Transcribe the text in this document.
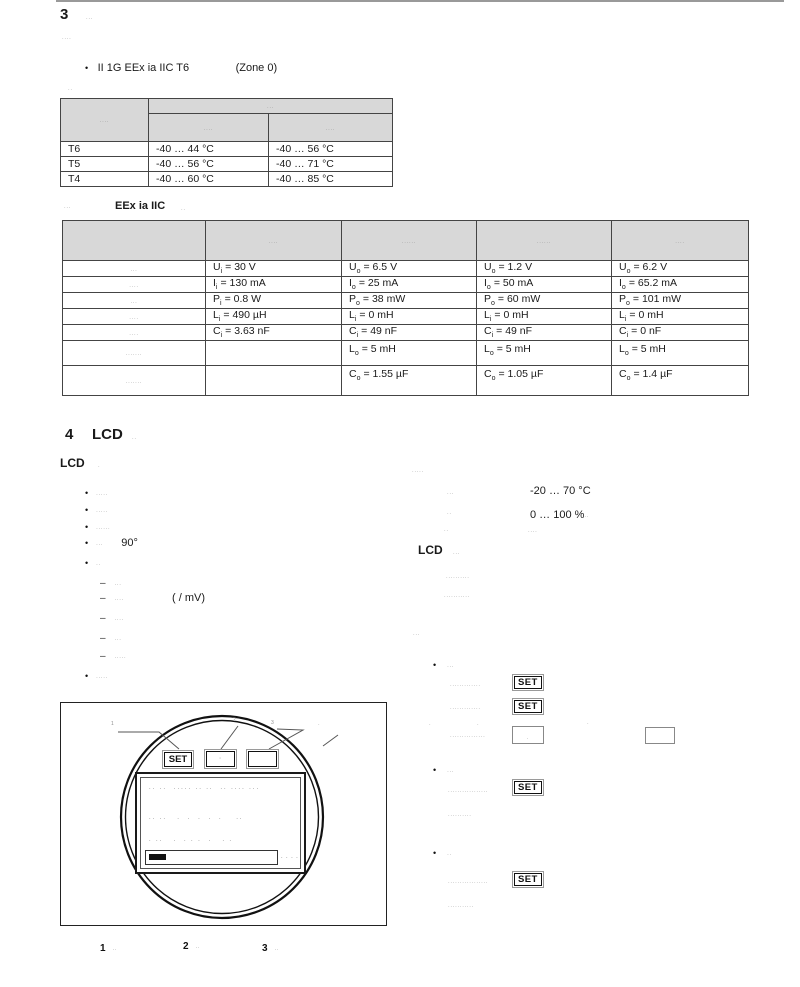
3	···
····
• II 1G EEx ia IIC T6	(Zone 0)
··
····	···	
	····	····
T6	-40 … 44 °C	-40 … 56 °C
T5	-40 … 56 °C	-40 … 71 °C
T4	-40 … 60 °C	-40 … 85 °C
···	EEx ia IIC	··
	····	······	······	····
···	$U_i = 30$ V	$U_o = 6.5$ V	$U_o = 1.2$ V	$U_o = 6.2$ V
····	$I_i = 130$ mA	$I_o = 25$ mA	$I_o = 50$ mA	$I_o = 65.2$ mA
···	$P_i = 0.8$ W	$P_o = 38$ mW	$P_o = 60$ mW	$P_o = 101$ mW
····	$L_i = 490$ µH	$L_i = 0$ mH	$L_i = 0$ mH	$L_i = 0$ mH
····	$C_i = 3.63$ nF	$C_i = 49$ nF	$C_i = 49$ nF	$C_i = 0$ nF
·······		$L_o = 5$ mH	$L_o = 5$ mH	$L_o = 5$ mH
·······		$C_o = 1.55$ µF	$C_o = 1.05$ µF	$C_o = 1.4$ µF
4 LCD ··
LCD	·
• ·····
• ·····
• ······
• ··· 90°
• ··
– ···
– ····	( / mV)
– ····
– ···
– ·····
• ·····
·····
···	-20 … 70 °C
··	0 … 100 %··
··	····
LCD ···
··········
···········
···
• ···
·············	SET
·············	SET
·	·	·
···············	·
• ···
·················	SET
··········
• ··
·················	SET
···········
1
2	3	·
SET	·
·· ··  ····· ·· ··  ·· ···· ···
·· ··   ·  ·  ·  ·  ·    ··
· ··   ·  · · ·  ·   · ·
· · · ·
1 ··	2 ··	3 ··
